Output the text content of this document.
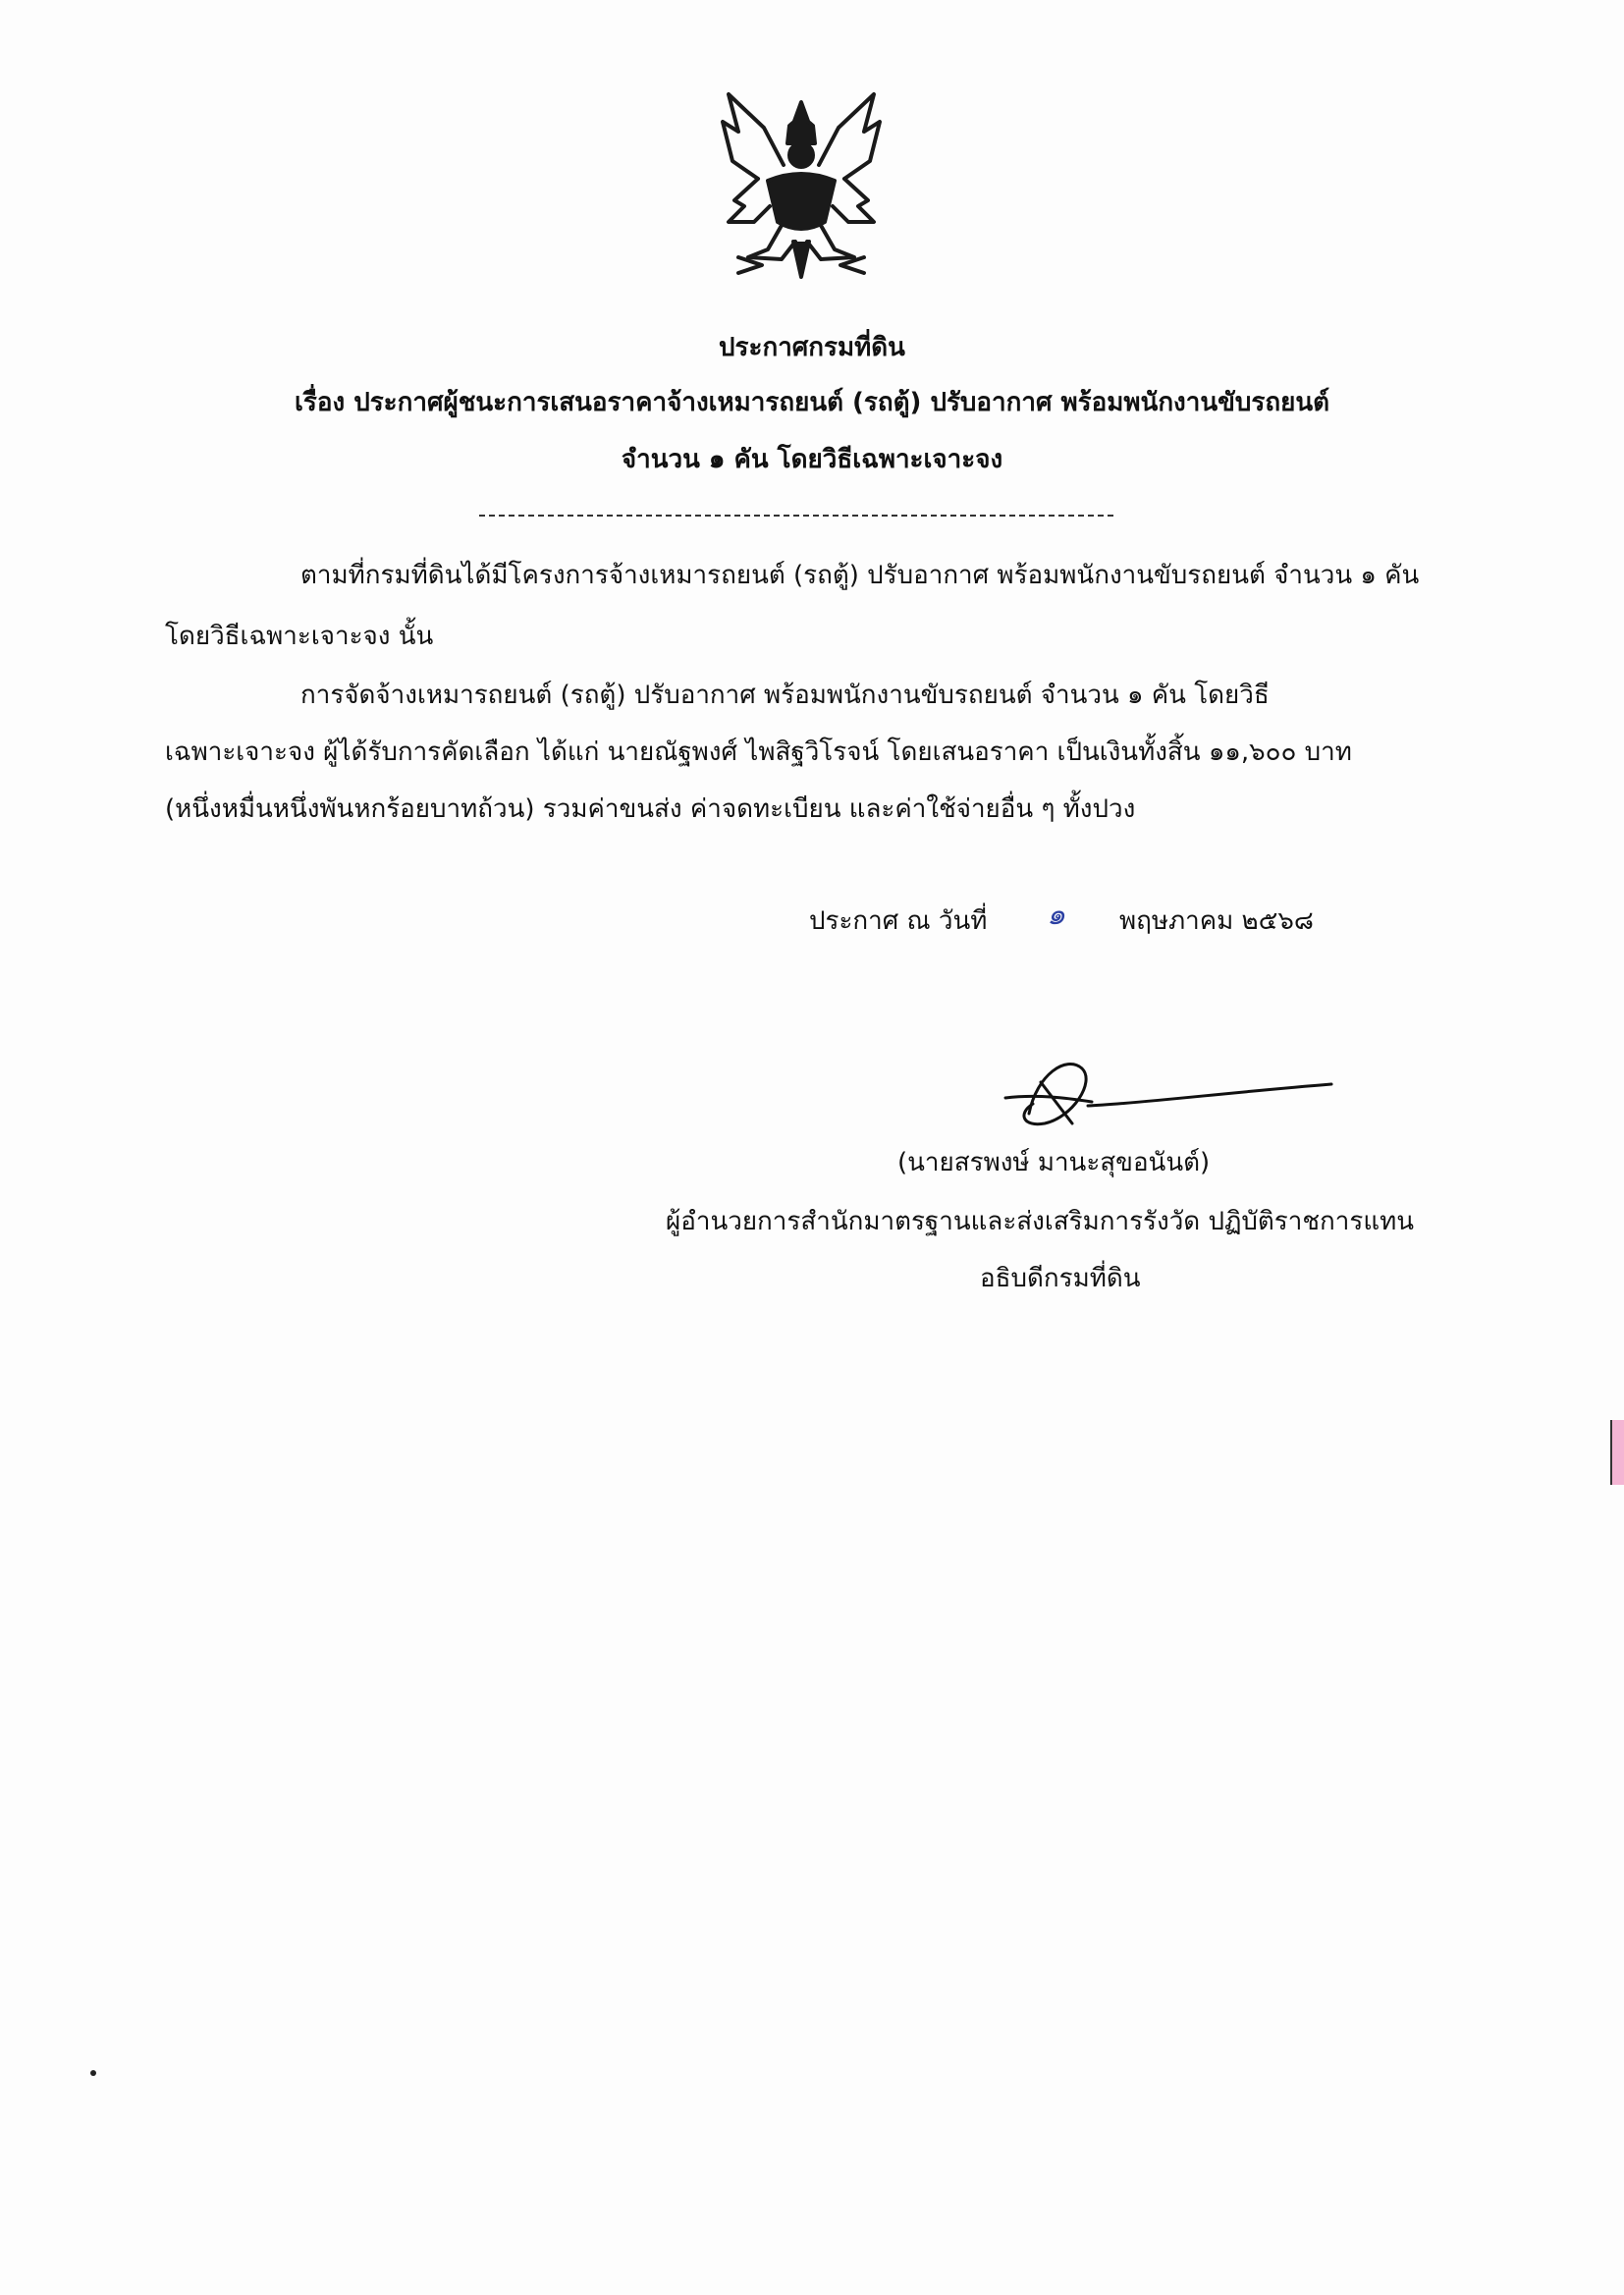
ประกาศกรมที่ดิน
เรื่อง ประกาศผู้ชนะการเสนอราคาจ้างเหมารถยนต์ (รถตู้) ปรับอากาศ พร้อมพนักงานขับรถยนต์
จำนวน ๑ คัน โดยวิธีเฉพาะเจาะจง
ตามที่กรมที่ดินได้มีโครงการจ้างเหมารถยนต์ (รถตู้) ปรับอากาศ พร้อมพนักงานขับรถยนต์ จำนวน ๑ คัน
โดยวิธีเฉพาะเจาะจง นั้น
การจัดจ้างเหมารถยนต์ (รถตู้) ปรับอากาศ พร้อมพนักงานขับรถยนต์ จำนวน ๑ คัน โดยวิธี
เฉพาะเจาะจง ผู้ได้รับการคัดเลือก ได้แก่ นายณัฐพงศ์ ไพสิฐวิโรจน์ โดยเสนอราคา เป็นเงินทั้งสิ้น ๑๑,๖๐๐ บาท
(หนึ่งหมื่นหนึ่งพันหกร้อยบาทถ้วน) รวมค่าขนส่ง ค่าจดทะเบียน และค่าใช้จ่ายอื่น ๆ ทั้งปวง
ประกาศ ณ วันที่ ๑ พฤษภาคม ๒๕๖๘
(นายสรพงษ์ มานะสุขอนันต์)
ผู้อำนวยการสำนักมาตรฐานและส่งเสริมการรังวัด ปฏิบัติราชการแทน
อธิบดีกรมที่ดิน
